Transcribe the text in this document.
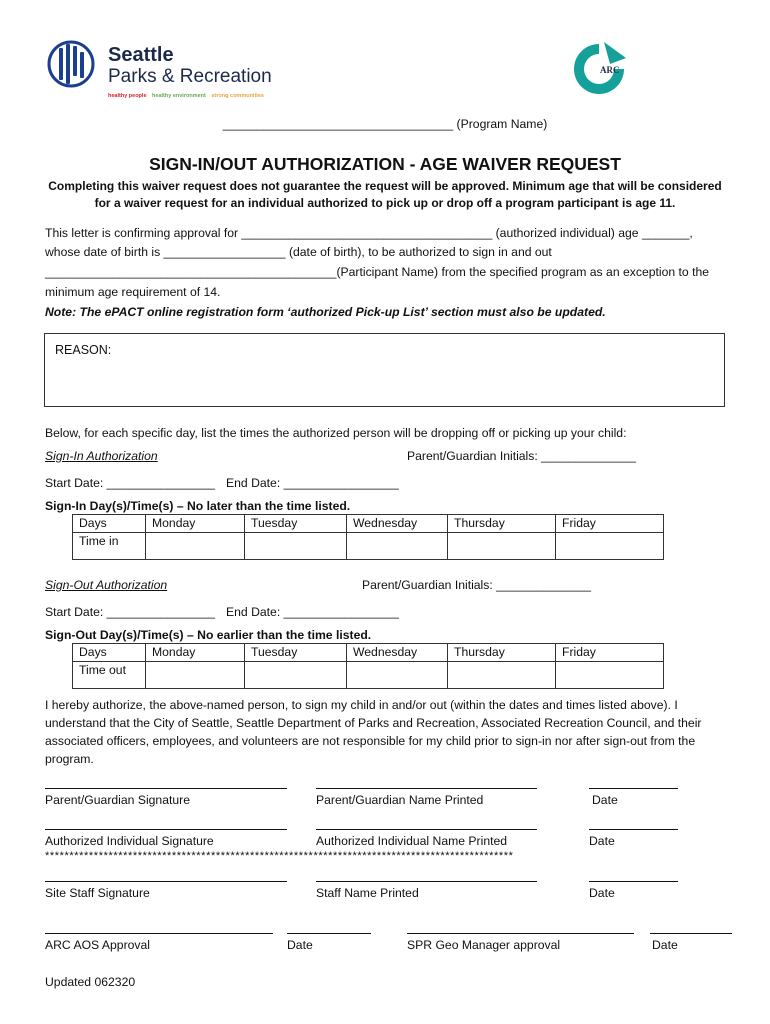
Seattle
Parks & Recreation
healthy people healthy environment strong communities
ARC
__________________________________ (Program Name)
SIGN-IN/OUT AUTHORIZATION - AGE WAIVER REQUEST
Completing this waiver request does not guarantee the request will be approved. Minimum age that will be considered
for a waiver request for an individual authorized to pick up or drop off a program participant is age 11.
This letter is confirming approval for _____________________________________ (authorized individual) age _______,
whose date of birth is __________________ (date of birth), to be authorized to sign in and out
___________________________________________(Participant Name) from the specified program as an exception to the
minimum age requirement of 14.
Note: The ePACT online registration form ‘authorized Pick-up List’ section must also be updated.
REASON:
Below, for each specific day, list the times the authorized person will be dropping off or picking up your child:
Sign-In Authorization	Parent/Guardian Initials: ______________
Start Date: ________________ End Date: _________________
Sign-In Day(s)/Time(s) – No later than the time listed.
Days	Monday	Tuesday	Wednesday	Thursday	Friday
Time in					
Sign-Out Authorization	Parent/Guardian Initials: ______________
Start Date: ________________ End Date: _________________
Sign-Out Day(s)/Time(s) – No earlier than the time listed.
Days	Monday	Tuesday	Wednesday	Thursday	Friday
Time out					
I hereby authorize, the above-named person, to sign my child in and/or out (within the dates and times listed above). I
understand that the City of Seattle, Seattle Department of Parks and Recreation, Associated Recreation Council, and their
associated officers, employees, and volunteers are not responsible for my child prior to sign-in nor after sign-out from the
program.
Parent/Guardian Signature	Parent/Guardian Name Printed	Date
Authorized Individual Signature	Authorized Individual Name Printed	Date
************************************************************************************************
Site Staff Signature	Staff Name Printed	Date
ARC AOS Approval	Date	SPR Geo Manager approval	Date
Updated 062320
